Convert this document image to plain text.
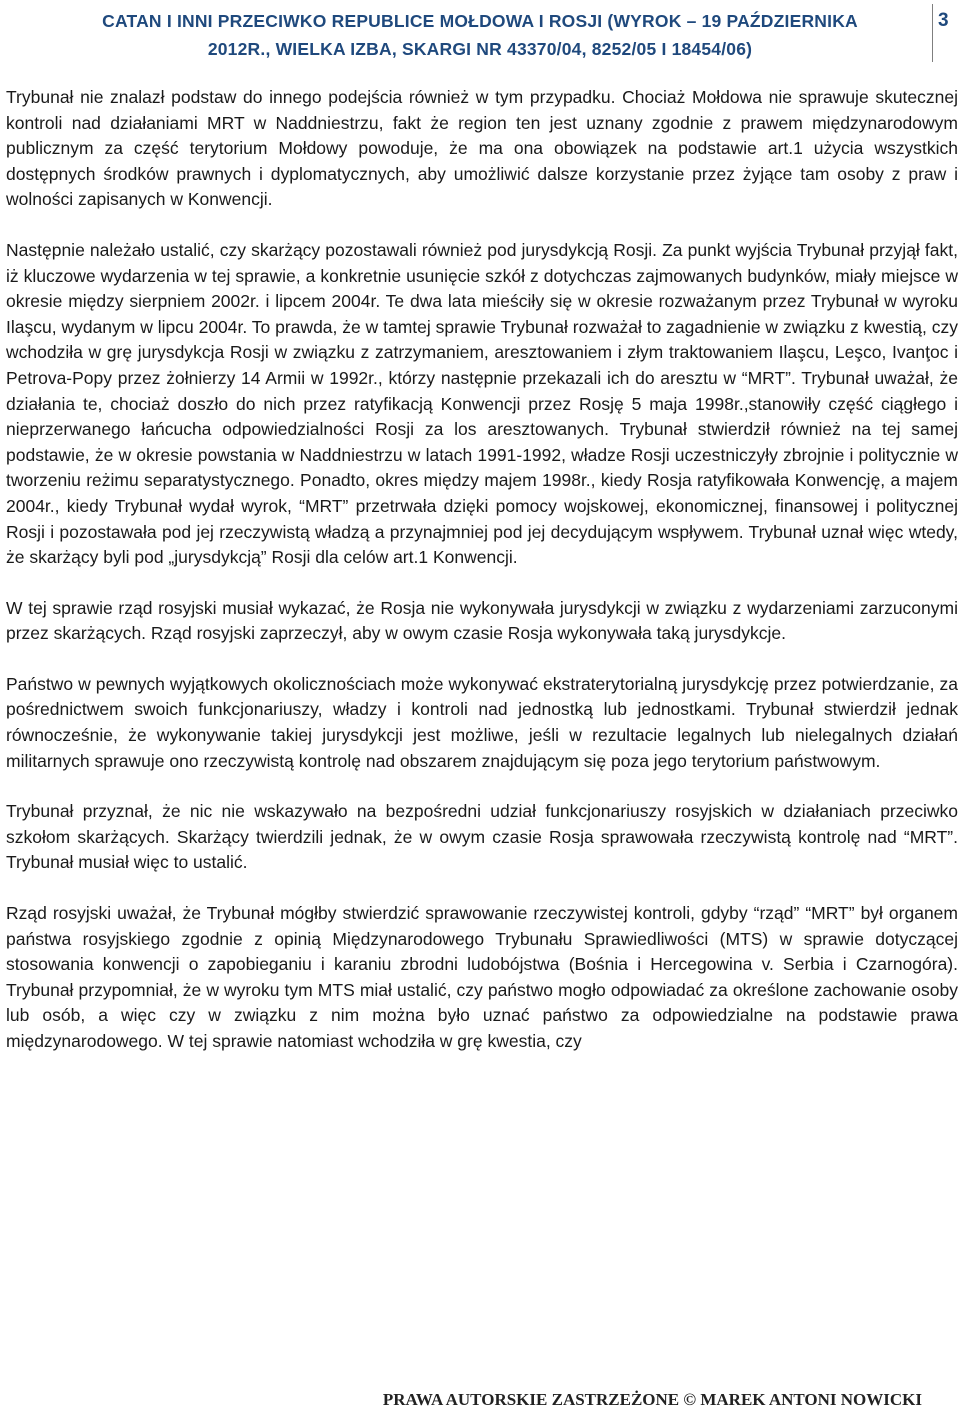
CATAN I INNI PRZECIWKO REPUBLICE MOŁDOWA I ROSJI (WYROK – 19 PAŹDZIERNIKA
2012R., WIELKA IZBA, SKARGI NR 43370/04, 8252/05 I 18454/06)
3

Trybunał nie znalazł podstaw do innego podejścia również w tym przypadku. Chociaż Mołdowa nie sprawuje skutecznej kontroli nad działaniami MRT w Naddniestrzu, fakt że region ten jest uznany zgodnie z prawem międzynarodowym publicznym za część terytorium Mołdowy powoduje, że ma ona obowiązek na podstawie art.1 użycia wszystkich dostępnych środków prawnych i dyplomatycznych, aby umożliwić dalsze korzystanie przez żyjące tam osoby z praw i wolności zapisanych w Konwencji.

Następnie należało ustalić, czy skarżący pozostawali również pod jurysdykcją Rosji. Za punkt wyjścia Trybunał przyjął fakt, iż kluczowe wydarzenia w tej sprawie, a konkretnie usunięcie szkół z dotychczas zajmowanych budynków, miały miejsce w okresie między sierpniem 2002r. i lipcem 2004r. Te dwa lata mieściły się w okresie rozważanym przez Trybunał w wyroku Ilaşcu, wydanym w lipcu 2004r. To prawda, że w tamtej sprawie Trybunał rozważał to zagadnienie w związku z kwestią, czy wchodziła w grę jurysdykcja Rosji w związku z zatrzymaniem, aresztowaniem i złym traktowaniem Ilaşcu, Leşco, Ivanţoc i Petrova-Popy przez żołnierzy 14 Armii w 1992r., którzy następnie przekazali ich do aresztu w “MRT”. Trybunał uważał, że działania te, chociaż doszło do nich przez ratyfikacją Konwencji przez Rosję 5 maja 1998r.,stanowiły część ciągłego i nieprzerwanego łańcucha odpowiedzialności Rosji za los aresztowanych. Trybunał stwierdził również na tej samej podstawie, że w okresie powstania w Naddniestrzu w latach 1991-1992, władze Rosji uczestniczyły zbrojnie i politycznie w tworzeniu reżimu separatystycznego. Ponadto, okres między majem 1998r., kiedy Rosja ratyfikowała Konwencję, a majem 2004r., kiedy Trybunał wydał wyrok, “MRT” przetrwała dzięki pomocy wojskowej, ekonomicznej, finansowej i politycznej Rosji i pozostawała pod jej rzeczywistą władzą a przynajmniej pod jej decydującym wspływem. Trybunał uznał więc wtedy, że skarżący byli pod „jurysdykcją” Rosji dla celów art.1 Konwencji.

W tej sprawie rząd rosyjski musiał wykazać, że Rosja nie wykonywała jurysdykcji w związku z wydarzeniami zarzuconymi przez skarżących. Rząd rosyjski zaprzeczył, aby w owym czasie Rosja wykonywała taką jurysdykcje.

Państwo w pewnych wyjątkowych okolicznościach może wykonywać ekstraterytorialną jurysdykcję przez potwierdzanie, za pośrednictwem swoich funkcjonariuszy, władzy i kontroli nad jednostką lub jednostkami. Trybunał stwierdził jednak równocześnie, że wykonywanie takiej jurysdykcji jest możliwe, jeśli w rezultacie legalnych lub nielegalnych działań militarnych sprawuje ono rzeczywistą kontrolę nad obszarem znajdującym się poza jego terytorium państwowym.

Trybunał przyznał, że nic nie wskazywało na bezpośredni udział funkcjonariuszy rosyjskich w działaniach przeciwko szkołom skarżących. Skarżący twierdzili jednak, że w owym czasie Rosja sprawowała rzeczywistą kontrolę nad “MRT”. Trybunał musiał więc to ustalić.

Rząd rosyjski uważał, że Trybunał mógłby stwierdzić sprawowanie rzeczywistej kontroli, gdyby “rząd” “MRT” był organem państwa rosyjskiego zgodnie z opinią Międzynarodowego Trybunału Sprawiedliwości (MTS) w sprawie dotyczącej stosowania konwencji o zapobieganiu i karaniu zbrodni ludobójstwa (Bośnia i Hercegowina v. Serbia i Czarnogóra). Trybunał przypomniał, że w wyroku tym MTS miał ustalić, czy państwo mogło odpowiadać za określone zachowanie osoby lub osób, a więc czy w związku z nim można było uznać państwo za odpowiedzialne na podstawie prawa międzynarodowego. W tej sprawie natomiast wchodziła w grę kwestia, czy

PRAWA AUTORSKIE ZASTRZEŻONE © MAREK ANTONI NOWICKI
